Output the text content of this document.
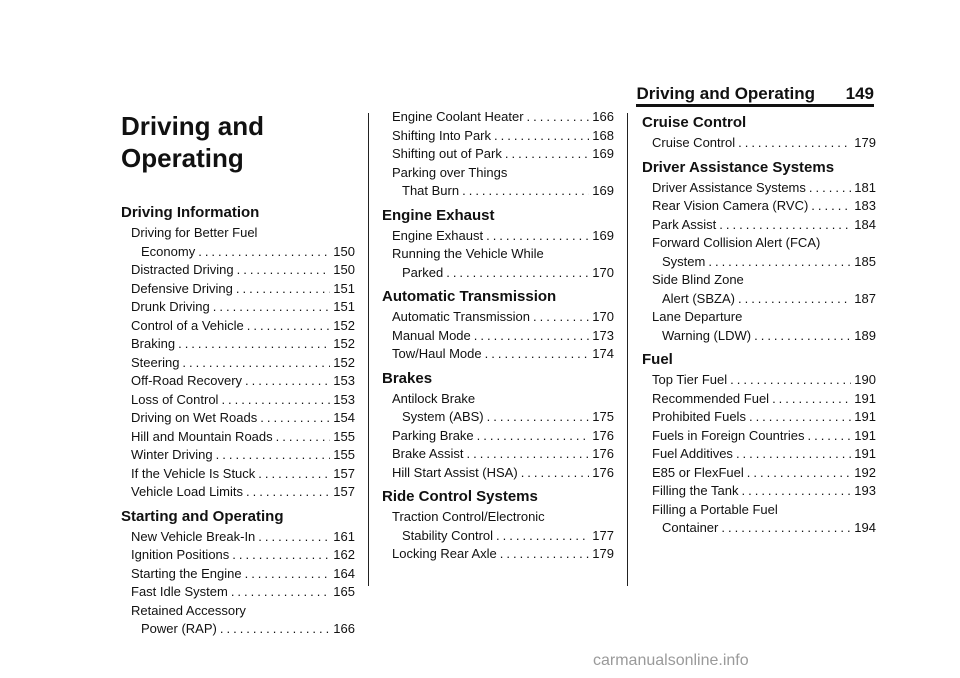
Driving and Operating 149
Driving and
Operating
Driving Information
Driving for Better Fuel
Economy .....	150
Distracted Driving .....	150
Defensive Driving .....	151
Drunk Driving .....	151
Control of a Vehicle .....	152
Braking .....	152
Steering .....	152
Off-Road Recovery .....	153
Loss of Control .....	153
Driving on Wet Roads .....	154
Hill and Mountain Roads .....	155
Winter Driving .....	155
If the Vehicle Is Stuck .....	157
Vehicle Load Limits .....	157
Starting and Operating
New Vehicle Break-In .....	161
Ignition Positions .....	162
Starting the Engine .....	164
Fast Idle System .....	165
Retained Accessory
Power (RAP) .....	166
Engine Coolant Heater .....	166
Shifting Into Park .....	168
Shifting out of Park .....	169
Parking over Things
That Burn .....	169
Engine Exhaust
Engine Exhaust .....	169
Running the Vehicle While
Parked .....	170
Automatic Transmission
Automatic Transmission .....	170
Manual Mode .....	173
Tow/Haul Mode .....	174
Brakes
Antilock Brake
System (ABS) .....	175
Parking Brake .....	176
Brake Assist .....	176
Hill Start Assist (HSA) .....	176
Ride Control Systems
Traction Control/Electronic
Stability Control .....	177
Locking Rear Axle .....	179
Cruise Control
Cruise Control .....	179
Driver Assistance Systems
Driver Assistance Systems .....	181
Rear Vision Camera (RVC) .....	183
Park Assist .....	184
Forward Collision Alert (FCA)
System .....	185
Side Blind Zone
Alert (SBZA) .....	187
Lane Departure
Warning (LDW) .....	189
Fuel
Top Tier Fuel .....	190
Recommended Fuel .....	191
Prohibited Fuels .....	191
Fuels in Foreign Countries .....	191
Fuel Additives .....	191
E85 or FlexFuel .....	192
Filling the Tank .....	193
Filling a Portable Fuel
Container .....	194
carmanualsonline.info
